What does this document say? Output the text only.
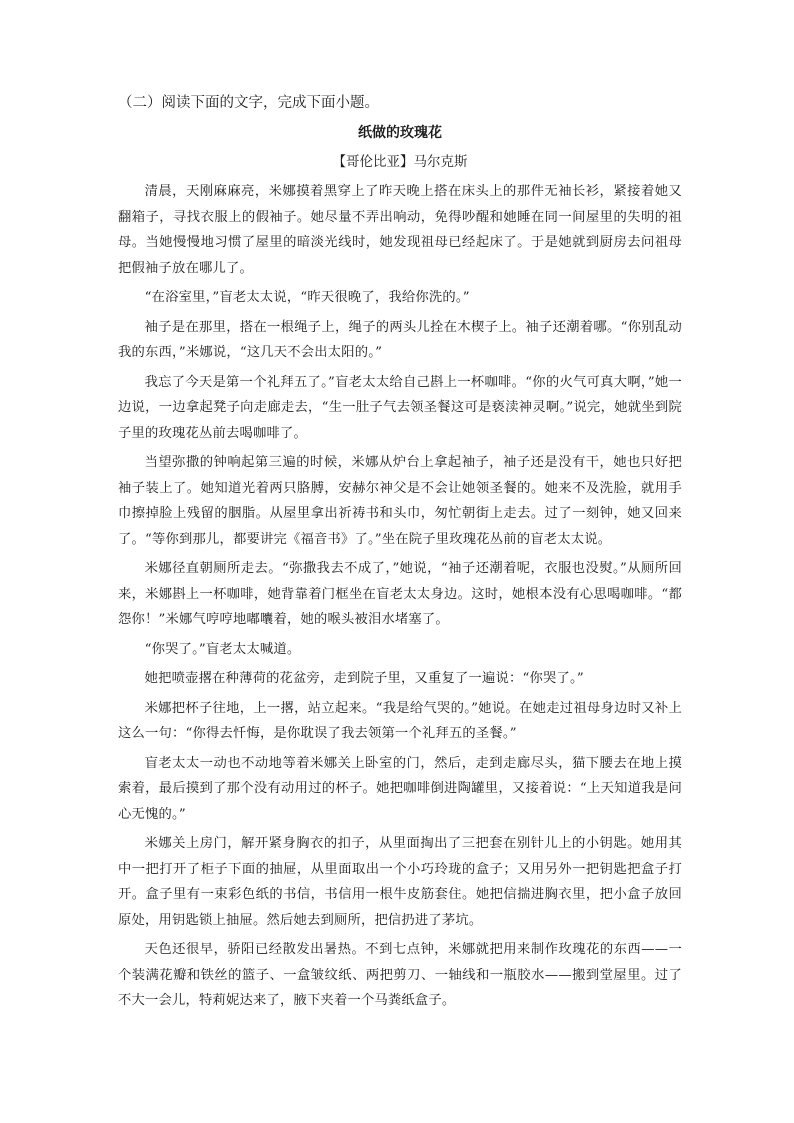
（二）阅读下面的文字，完成下面小题。
纸做的玫瑰花
【哥伦比亚】马尔克斯

清晨，天刚麻麻亮，米娜摸着黑穿上了昨天晚上搭在床头上的那件无袖长衫，紧接着她又翻箱子，寻找衣服上的假袖子。她尽量不弄出响动，免得吵醒和她睡在同一间屋里的失明的祖母。当她慢慢地习惯了屋里的暗淡光线时，她发现祖母已经起床了。于是她就到厨房去问祖母把假袖子放在哪儿了。

“在浴室里，”盲老太太说，“昨天很晚了，我给你洗的。”

袖子是在那里，搭在一根绳子上，绳子的两头儿拴在木楔子上。袖子还潮着哪。“你别乱动我的东西，”米娜说，“这几天不会出太阳的。”

我忘了今天是第一个礼拜五了。”盲老太太给自己斟上一杯咖啡。“你的火气可真大啊，”她一边说，一边拿起凳子向走廊走去，“生一肚子气去领圣餐这可是亵渎神灵啊。”说完，她就坐到院子里的玫瑰花丛前去喝咖啡了。

当望弥撒的钟响起第三遍的时候，米娜从炉台上拿起袖子，袖子还是没有干，她也只好把袖子装上了。她知道光着两只胳膊，安赫尔神父是不会让她领圣餐的。她来不及洗脸，就用手巾擦掉脸上残留的胭脂。从屋里拿出祈祷书和头巾，匆忙朝街上走去。过了一刻钟，她又回来了。“等你到那儿，都要讲完《福音书》了。”坐在院子里玫瑰花丛前的盲老太太说。

米娜径直朝厕所走去。“弥撒我去不成了，”她说，“袖子还潮着呢，衣服也没熨。”从厕所回来，米娜斟上一杯咖啡，她背靠着门框坐在盲老太太身边。这时，她根本没有心思喝咖啡。“都怨你！”米娜气哼哼地嘟囔着，她的喉头被泪水堵塞了。

“你哭了。”盲老太太喊道。

她把喷壶撂在种薄荷的花盆旁，走到院子里，又重复了一遍说：“你哭了。”

米娜把杯子往地，上一撂，站立起来。“我是给气哭的。”她说。在她走过祖母身边时又补上这么一句：“你得去忏悔，是你耽误了我去领第一个礼拜五的圣餐。”

盲老太太一动也不动地等着米娜关上卧室的门，然后，走到走廊尽头，猫下腰去在地上摸索着，最后摸到了那个没有动用过的杯子。她把咖啡倒进陶罐里，又接着说：“上天知道我是问心无愧的。”

米娜关上房门，解开紧身胸衣的扣子，从里面掏出了三把套在别针儿上的小钥匙。她用其中一把打开了柜子下面的抽屉，从里面取出一个小巧玲珑的盒子；又用另外一把钥匙把盒子打开。盒子里有一束彩色纸的书信，书信用一根牛皮筋套住。她把信揣进胸衣里，把小盒子放回原处，用钥匙锁上抽屉。然后她去到厕所，把信扔进了茅坑。

天色还很早，骄阳已经散发出暑热。不到七点钟，米娜就把用来制作玫瑰花的东西——一个装满花瓣和铁丝的篮子、一盒皱纹纸、两把剪刀、一轴线和一瓶胶水——搬到堂屋里。过了不大一会儿，特莉妮达来了，腋下夹着一个马粪纸盒子。
